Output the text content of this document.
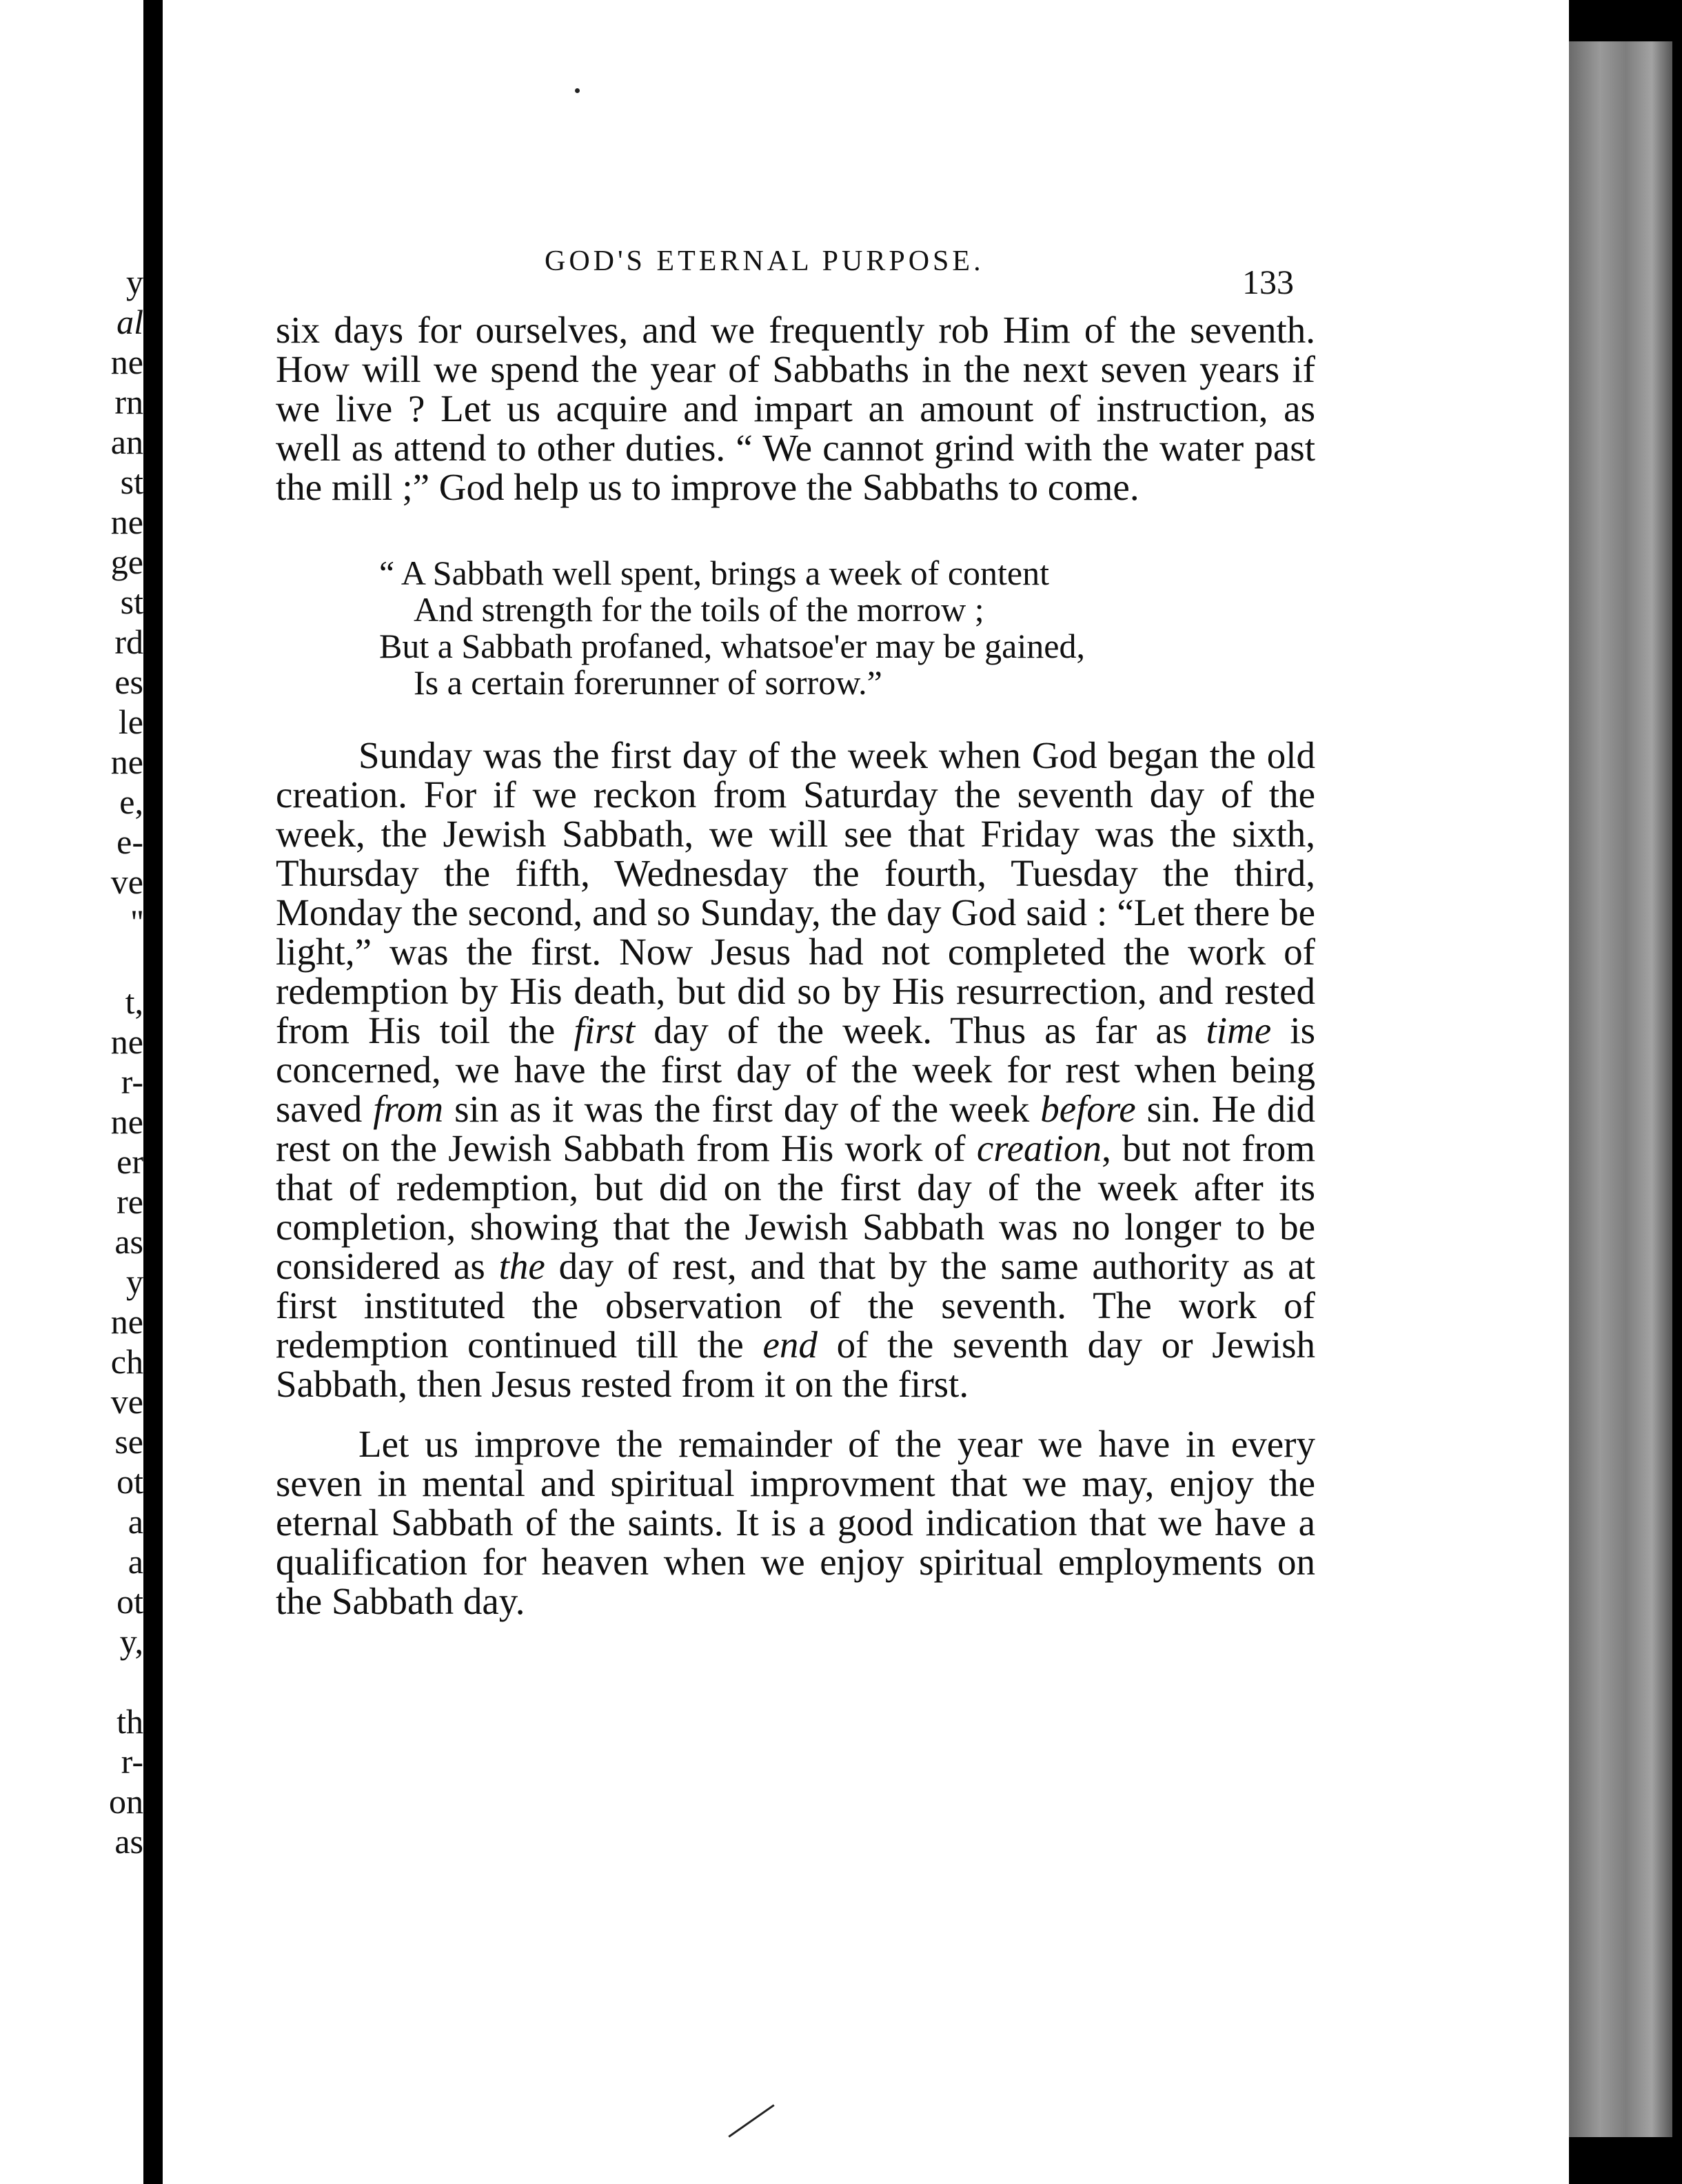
y
al
ne
rn
an
st
ne
ge
st
rd
es
le
ne
e,
e-
ve
''
t,
ne
r-
ne
er
re
as
y
ne
ch
ve
se
ot
a
a
ot
y,
th
r-
on
as
GOD'S ETERNAL PURPOSE.
133

six days for ourselves, and we frequently rob Him of the seventh. How will we spend the year of Sabbaths in the next seven years if we live ? Let us acquire and impart an amount of instruction, as well as attend to other duties. “ We cannot grind with the water past the mill ;” God help us to improve the Sabbaths to come.

“ A Sabbath well spent, brings a week of content
And strength for the toils of the morrow ;
But a Sabbath profaned, whatsoe'er may be gained,
Is a certain forerunner of sorrow.”

Sunday was the first day of the week when God began the old creation. For if we reckon from Saturday the seventh day of the week, the Jewish Sabbath, we will see that Friday was the sixth, Thursday the fifth, Wednesday the fourth, Tuesday the third, Monday the second, and so Sunday, the day God said : “Let there be light,” was the first. Now Jesus had not completed the work of redemption by His death, but did so by His resurrection, and rested from His toil the first day of the week. Thus as far as time is concerned, we have the first day of the week for rest when being saved from sin as it was the first day of the week before sin. He did rest on the Jewish Sabbath from His work of creation, but not from that of redemption, but did on the first day of the week after its completion, showing that the Jewish Sabbath was no longer to be considered as the day of rest, and that by the same authority as at first instituted the observation of the seventh. The work of redemption continued till the end of the seventh day or Jewish Sabbath, then Jesus rested from it on the first.

Let us improve the remainder of the year we have in every seven in mental and spiritual improvment that we may, enjoy the eternal Sabbath of the saints. It is a good indication that we have a qualification for heaven when we enjoy spiritual employments on the Sabbath day.
